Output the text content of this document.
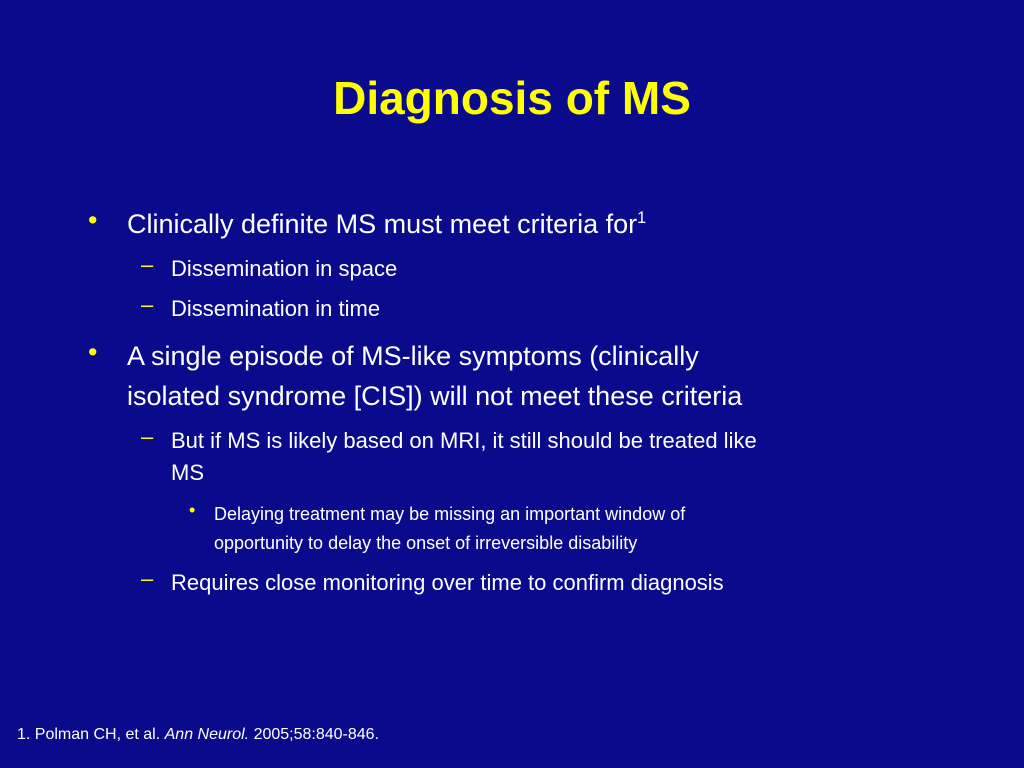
Diagnosis of MS
• Clinically definite MS must meet criteria for$^1$
– Dissemination in space
– Dissemination in time
• A single episode of MS-like symptoms (clinically
isolated syndrome [CIS]) will not meet these criteria
– But if MS is likely based on MRI, it still should be treated like
MS
• Delaying treatment may be missing an important window of
opportunity to delay the onset of irreversible disability
– Requires close monitoring over time to confirm diagnosis
1. Polman CH, et al. Ann Neurol. 2005;58:840-846.
